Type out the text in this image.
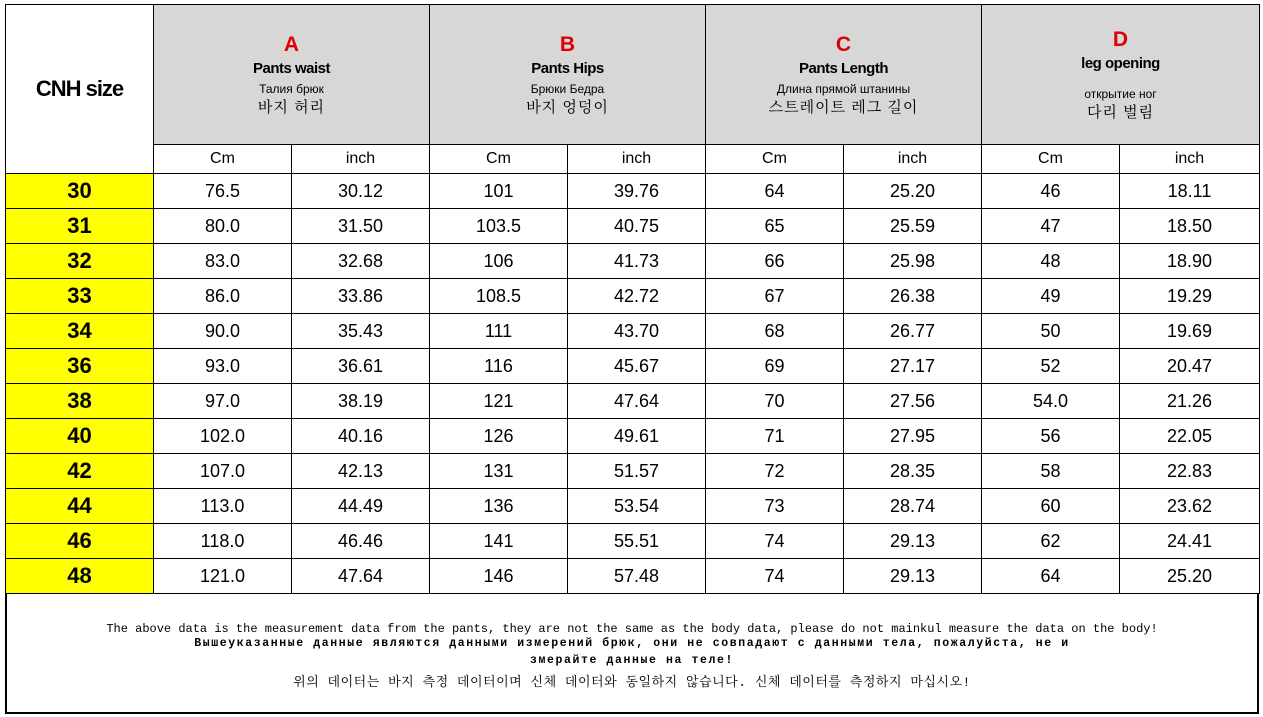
CNH size	A
Pants waist
Талия брюк
바지 허리		B
Pants Hips
Брюки Бедра
바지 엉덩이		C
Pants Length
Длина прямой штанины
스트레이트 레그 길이		D
leg opening
открытие ног
다리 벌림	

	Cm	inch	Cm	inch	Cm	inch	Cm	inch
30	76.5	30.12	101	39.76	64	25.20	46	18.11
31	80.0	31.50	103.5	40.75	65	25.59	47	18.50
32	83.0	32.68	106	41.73	66	25.98	48	18.90
33	86.0	33.86	108.5	42.72	67	26.38	49	19.29
34	90.0	35.43	111	43.70	68	26.77	50	19.69
36	93.0	36.61	116	45.67	69	27.17	52	20.47
38	97.0	38.19	121	47.64	70	27.56	54.0	21.26
40	102.0	40.16	126	49.61	71	27.95	56	22.05
42	107.0	42.13	131	51.57	72	28.35	58	22.83
44	113.0	44.49	136	53.54	73	28.74	60	23.62
46	118.0	46.46	141	55.51	74	29.13	62	24.41
48	121.0	47.64	146	57.48	74	29.13	64	25.20
The above data is the measurement data from the pants, they are not the same as the body data, please do not mainkul measure the data on the body!
Вышеуказанные данные являются данными измерений брюк, они не совпадают с данными тела, пожалуйста, не и
змерайте данные на теле!
위의 데이터는 바지 측정 데이터이며 신체 데이터와 동일하지 않습니다. 신체 데이터를 측정하지 마십시오!
